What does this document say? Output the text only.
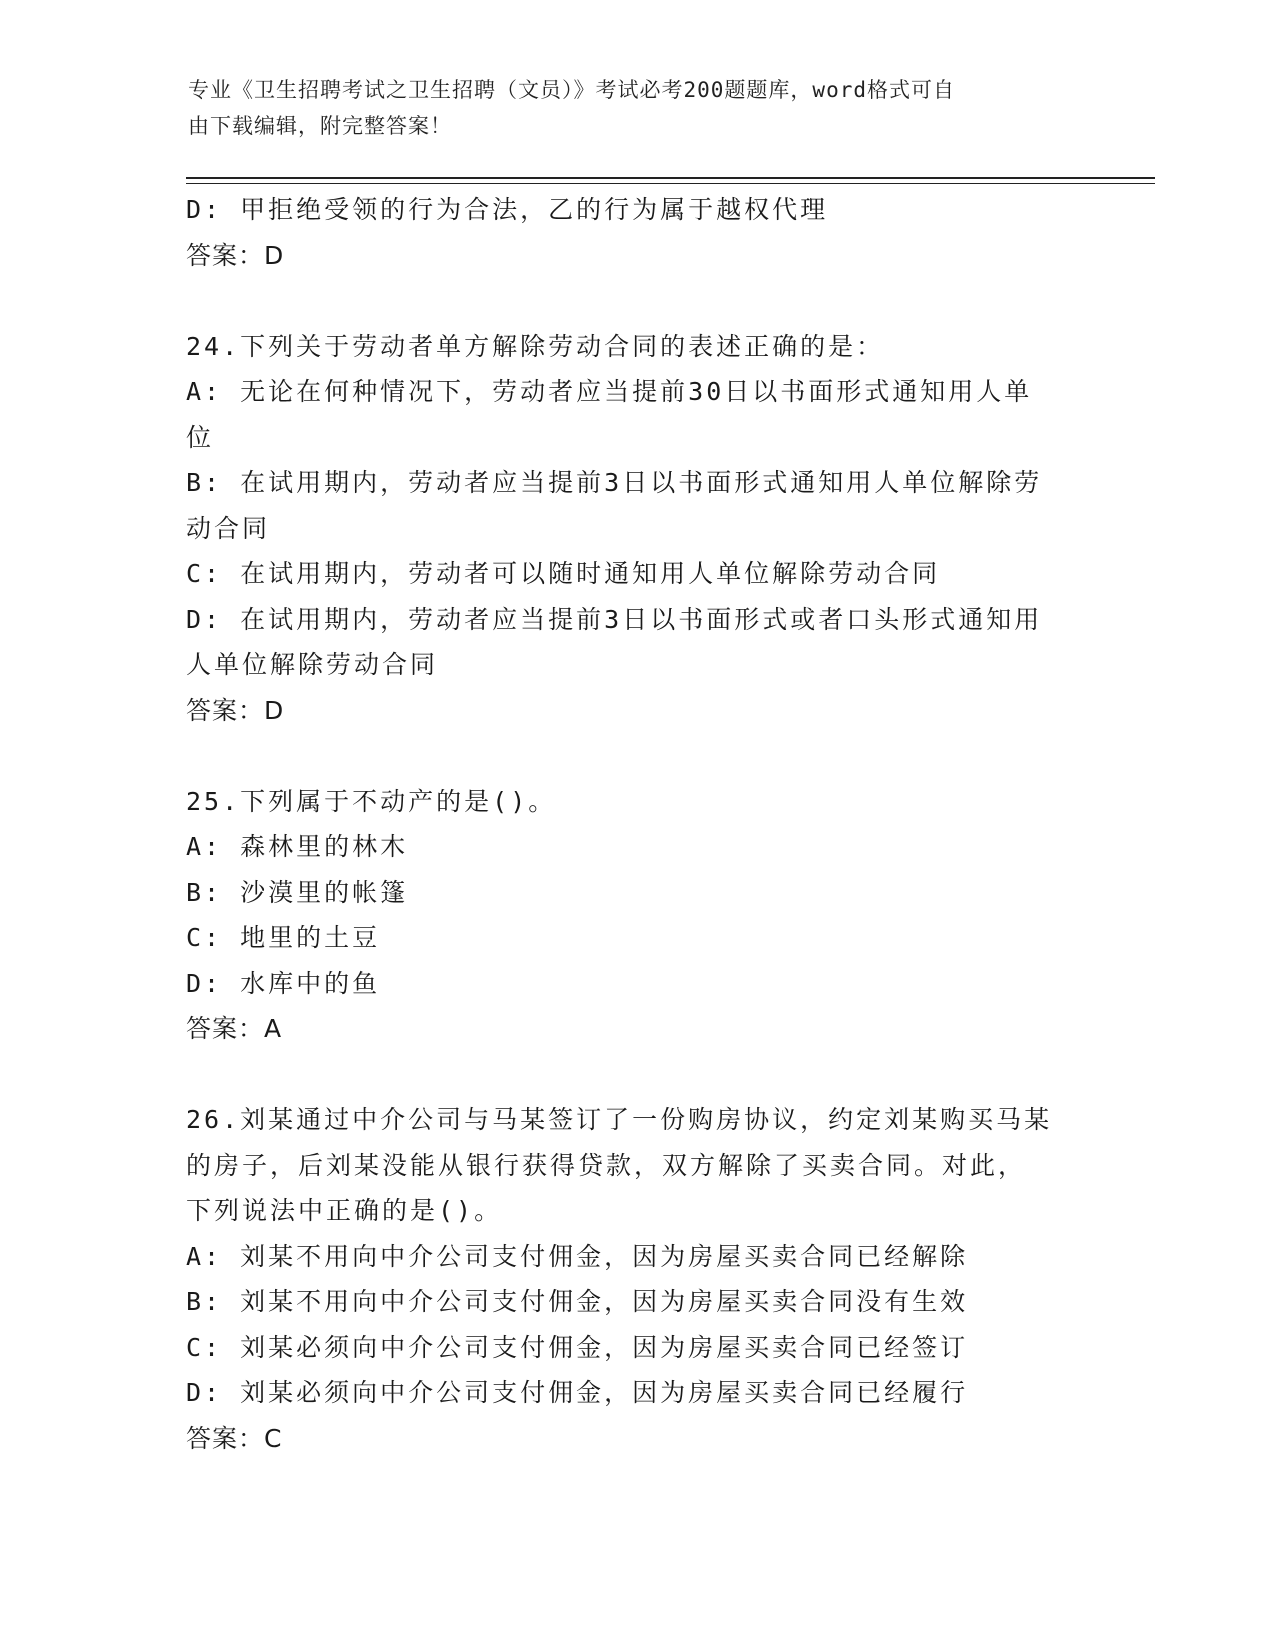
专业《卫生招聘考试之卫生招聘（文员）》考试必考200题题库，word格式可自
由下载编辑，附完整答案！
D: 甲拒绝受领的行为合法，乙的行为属于越权代理
答案：D
24.下列关于劳动者单方解除劳动合同的表述正确的是：
A: 无论在何种情况下，劳动者应当提前30日以书面形式通知用人单
位
B: 在试用期内，劳动者应当提前3日以书面形式通知用人单位解除劳
动合同
C: 在试用期内，劳动者可以随时通知用人单位解除劳动合同
D: 在试用期内，劳动者应当提前3日以书面形式或者口头形式通知用
人单位解除劳动合同
答案：D
25.下列属于不动产的是()。
A: 森林里的林木
B: 沙漠里的帐篷
C: 地里的土豆
D: 水库中的鱼
答案：A
26.刘某通过中介公司与马某签订了一份购房协议，约定刘某购买马某
的房子，后刘某没能从银行获得贷款，双方解除了买卖合同。对此，
下列说法中正确的是()。
A: 刘某不用向中介公司支付佣金，因为房屋买卖合同已经解除
B: 刘某不用向中介公司支付佣金，因为房屋买卖合同没有生效
C: 刘某必须向中介公司支付佣金，因为房屋买卖合同已经签订
D: 刘某必须向中介公司支付佣金，因为房屋买卖合同已经履行
答案：C
